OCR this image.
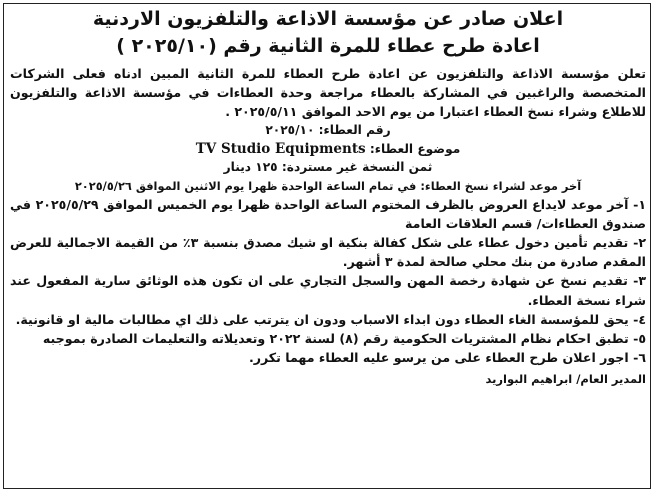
اعلان صادر عن مؤسسة الاذاعة والتلفزيون الاردنية

اعادة طرح عطاء للمرة الثانية رقم (٢٠٢٥/١٠ )

تعلن مؤسسة الاذاعة والتلفزيون عن اعادة طرح العطاء للمرة الثانية المبين ادناه فعلى الشركات المتخصصة والراغبين في المشاركة بالعطاء مراجعة وحدة العطاءات في مؤسسة الاذاعة والتلفزيون للاطلاع وشراء نسخ العطاء اعتبارا من يوم الاحد الموافق ٢٠٢٥/٥/١١ .

رقم العطاء: ٢٠٢٥/١٠

موضوع العطاء: TV Studio Equipments

ثمن النسخة غير مستردة: ١٢٥ دينار

آخر موعد لشراء نسخ العطاء: في تمام الساعة الواحدة ظهرا يوم الاثنين الموافق ٢٠٢٥/٥/٢٦

١- آخر موعد لايداع العروض بالظرف المختوم الساعة الواحدة ظهرا يوم الخميس الموافق ٢٠٢٥/٥/٢٩ في صندوق العطاءات/ قسم العلاقات العامة
٢- تقديم تأمين دخول عطاء على شكل كفالة بنكية او شيك مصدق بنسبة ٣٪ من القيمة الاجمالية للعرض المقدم صادرة من بنك محلي صالحة لمدة ٣ أشهر.
٣- تقديم نسخ عن شهادة رخصة المهن والسجل التجاري على ان تكون هذه الوثائق سارية المفعول عند شراء نسخة العطاء.
٤- يحق للمؤسسة الغاء العطاء دون ابداء الاسباب ودون ان يترتب على ذلك اي مطالبات مالية او قانونية.
٥- تطبق احكام نظام المشتريات الحكومية رقم (٨) لسنة ٢٠٢٢ وتعديلاته والتعليمات الصادرة بموجبه
٦- اجور اعلان طرح العطاء على من يرسو عليه العطاء مهما تكرر.
المدير العام/ ابراهيم البواريد
